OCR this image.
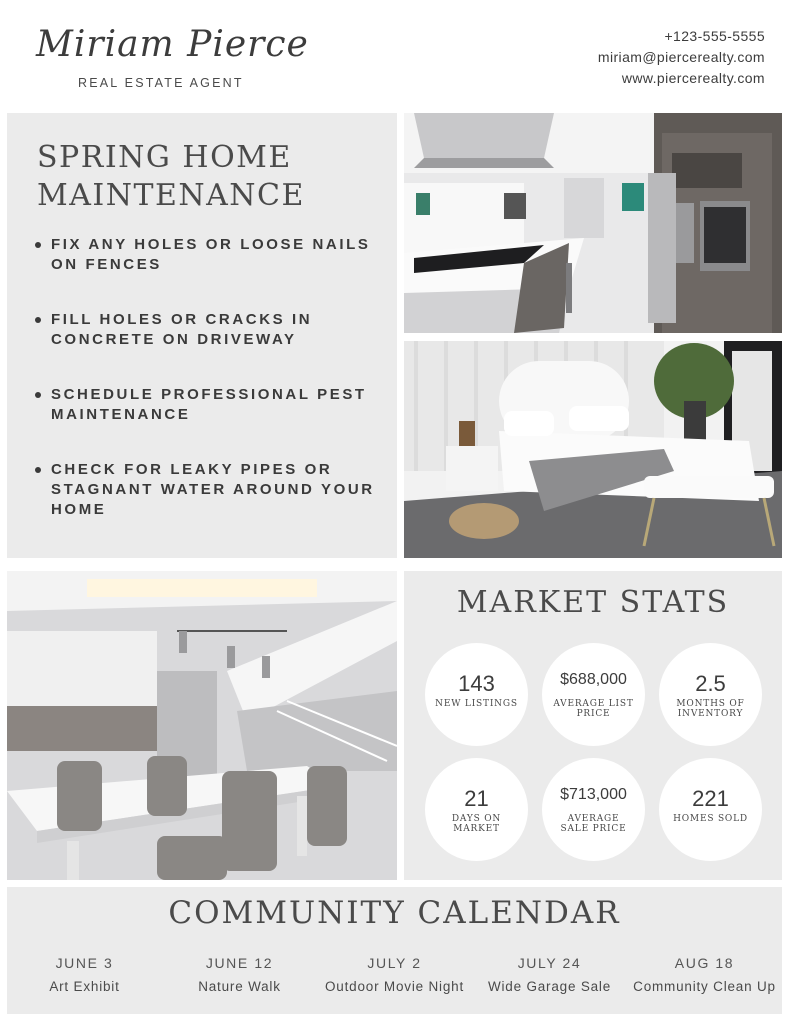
Miriam Pierce
REAL ESTATE AGENT
+123-555-5555
miriam@piercerealty.com
www.piercerealty.com
SPRING HOME
MAINTENANCE
FIX ANY HOLES OR LOOSE NAILS ON FENCES
FILL HOLES OR CRACKS IN CONCRETE ON DRIVEWAY
SCHEDULE PROFESSIONAL PEST MAINTENANCE
CHECK FOR LEAKY PIPES OR STAGNANT WATER AROUND YOUR HOME
MARKET STATS
143
NEW LISTINGS
$688,000
AVERAGE LIST PRICE
2.5
MONTHS OF INVENTORY
21
DAYS ON MARKET
$713,000
AVERAGE SALE PRICE
221
HOMES SOLD
COMMUNITY CALENDAR
JUNE 3
Art Exhibit
JUNE 12
Nature Walk
JULY 2
Outdoor Movie Night
JULY 24
Wide Garage Sale
AUG 18
Community Clean Up
